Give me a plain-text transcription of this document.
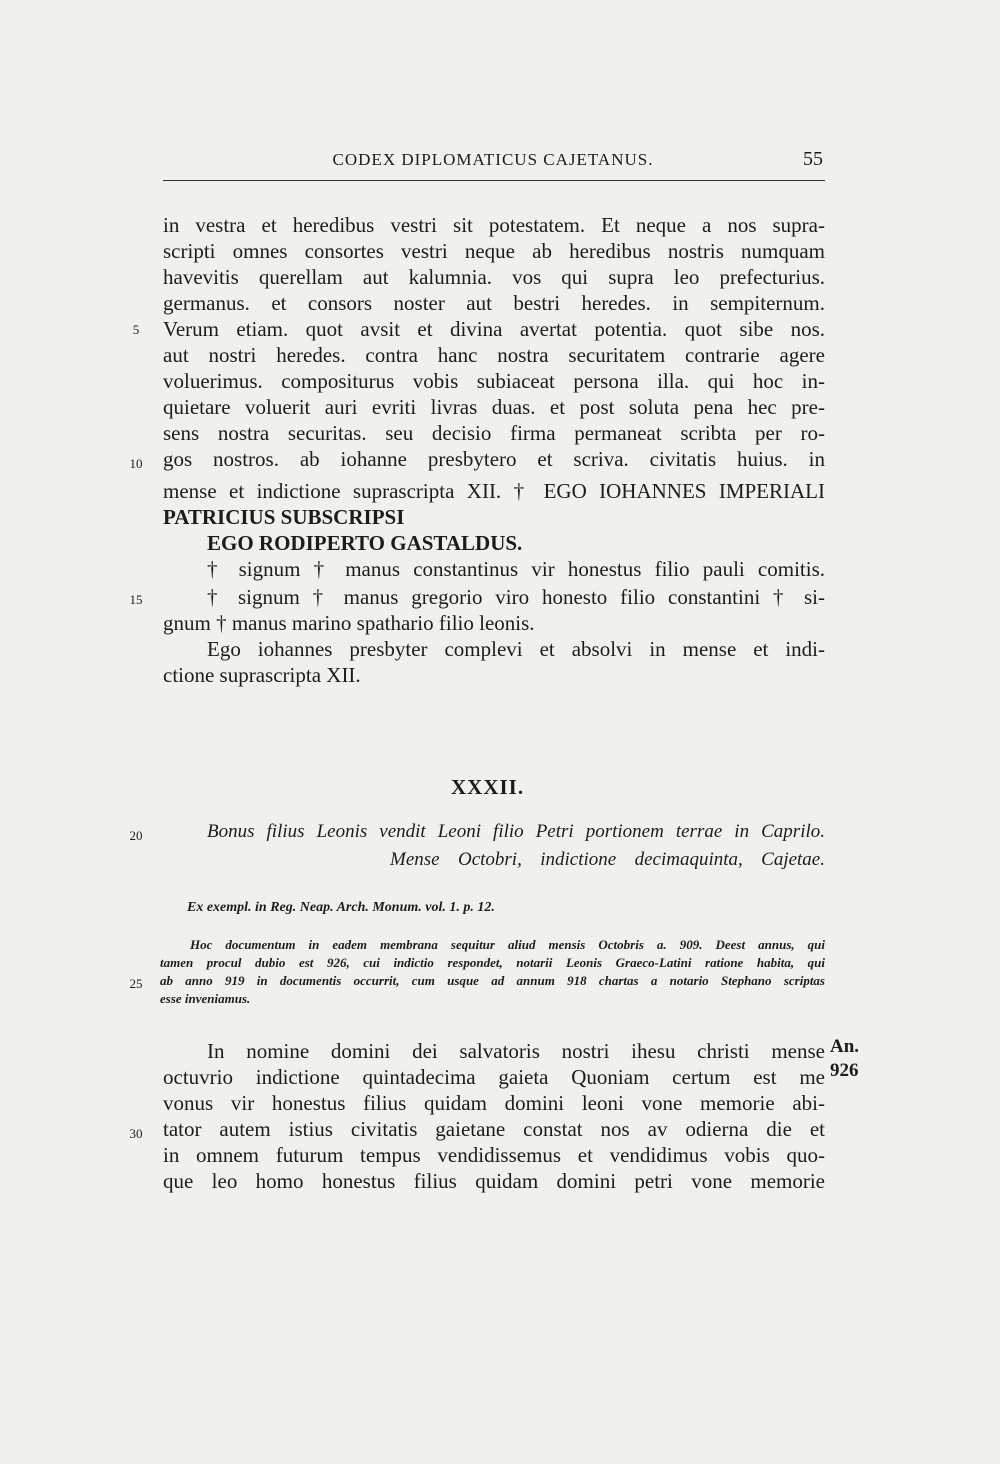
CODEX DIPLOMATICUS CAJETANUS.	55
in vestra et heredibus vestri sit potestatem. Et neque a nos supra-
scripti omnes consortes vestri neque ab heredibus nostris numquam
havevitis querellam aut kalumnia. vos qui supra leo prefecturius.
germanus. et consors noster aut bestri heredes. in sempiternum.
Verum etiam. quot avsit et divina avertat potentia. quot sibe nos.
aut nostri heredes. contra hanc nostra securitatem contrarie agere
voluerimus. compositurus vobis subiaceat persona illa. qui hoc in-
quietare voluerit auri evriti livras duas. et post soluta pena hec pre-
sens nostra securitas. seu decisio firma permaneat scribta per ro-
gos nostros. ab iohanne presbytero et scriva. civitatis huius. in
mense et indictione suprascripta XII. † EGO IOHANNES IMPERIALI
PATRICIUS SUBSCRIPSI
EGO RODIPERTO GASTALDUS.
† signum † manus constantinus vir honestus filio pauli comitis.
† signum † manus gregorio viro honesto filio constantini † si-
gnum † manus marino spathario filio leonis.
Ego iohannes presbyter complevi et absolvi in mense et indi-
ctione suprascripta XII.
5
10
15
20
25
30
XXXII.
Bonus filius Leonis vendit Leoni filio Petri portionem terrae in Caprilo.
Mense Octobri, indictione decimaquinta, Cajetae.
Ex exempl. in Reg. Neap. Arch. Monum. vol. 1. p. 12.
Hoc documentum in eadem membrana sequitur aliud mensis Octobris a. 909. Deest annus, qui
tamen procul dubio est 926, cui indictio respondet, notarii Leonis Graeco-Latini ratione habita, qui
ab anno 919 in documentis occurrit, cum usque ad annum 918 chartas a notario Stephano scriptas
esse inveniamus.
An.
926
In nomine domini dei salvatoris nostri ihesu christi mense
octuvrio indictione quintadecima gaieta Quoniam certum est me
vonus vir honestus filius quidam domini leoni vone memorie abi-
tator autem istius civitatis gaietane constat nos av odierna die et
in omnem futurum tempus vendidissemus et vendidimus vobis quo-
que leo homo honestus filius quidam domini petri vone memorie
